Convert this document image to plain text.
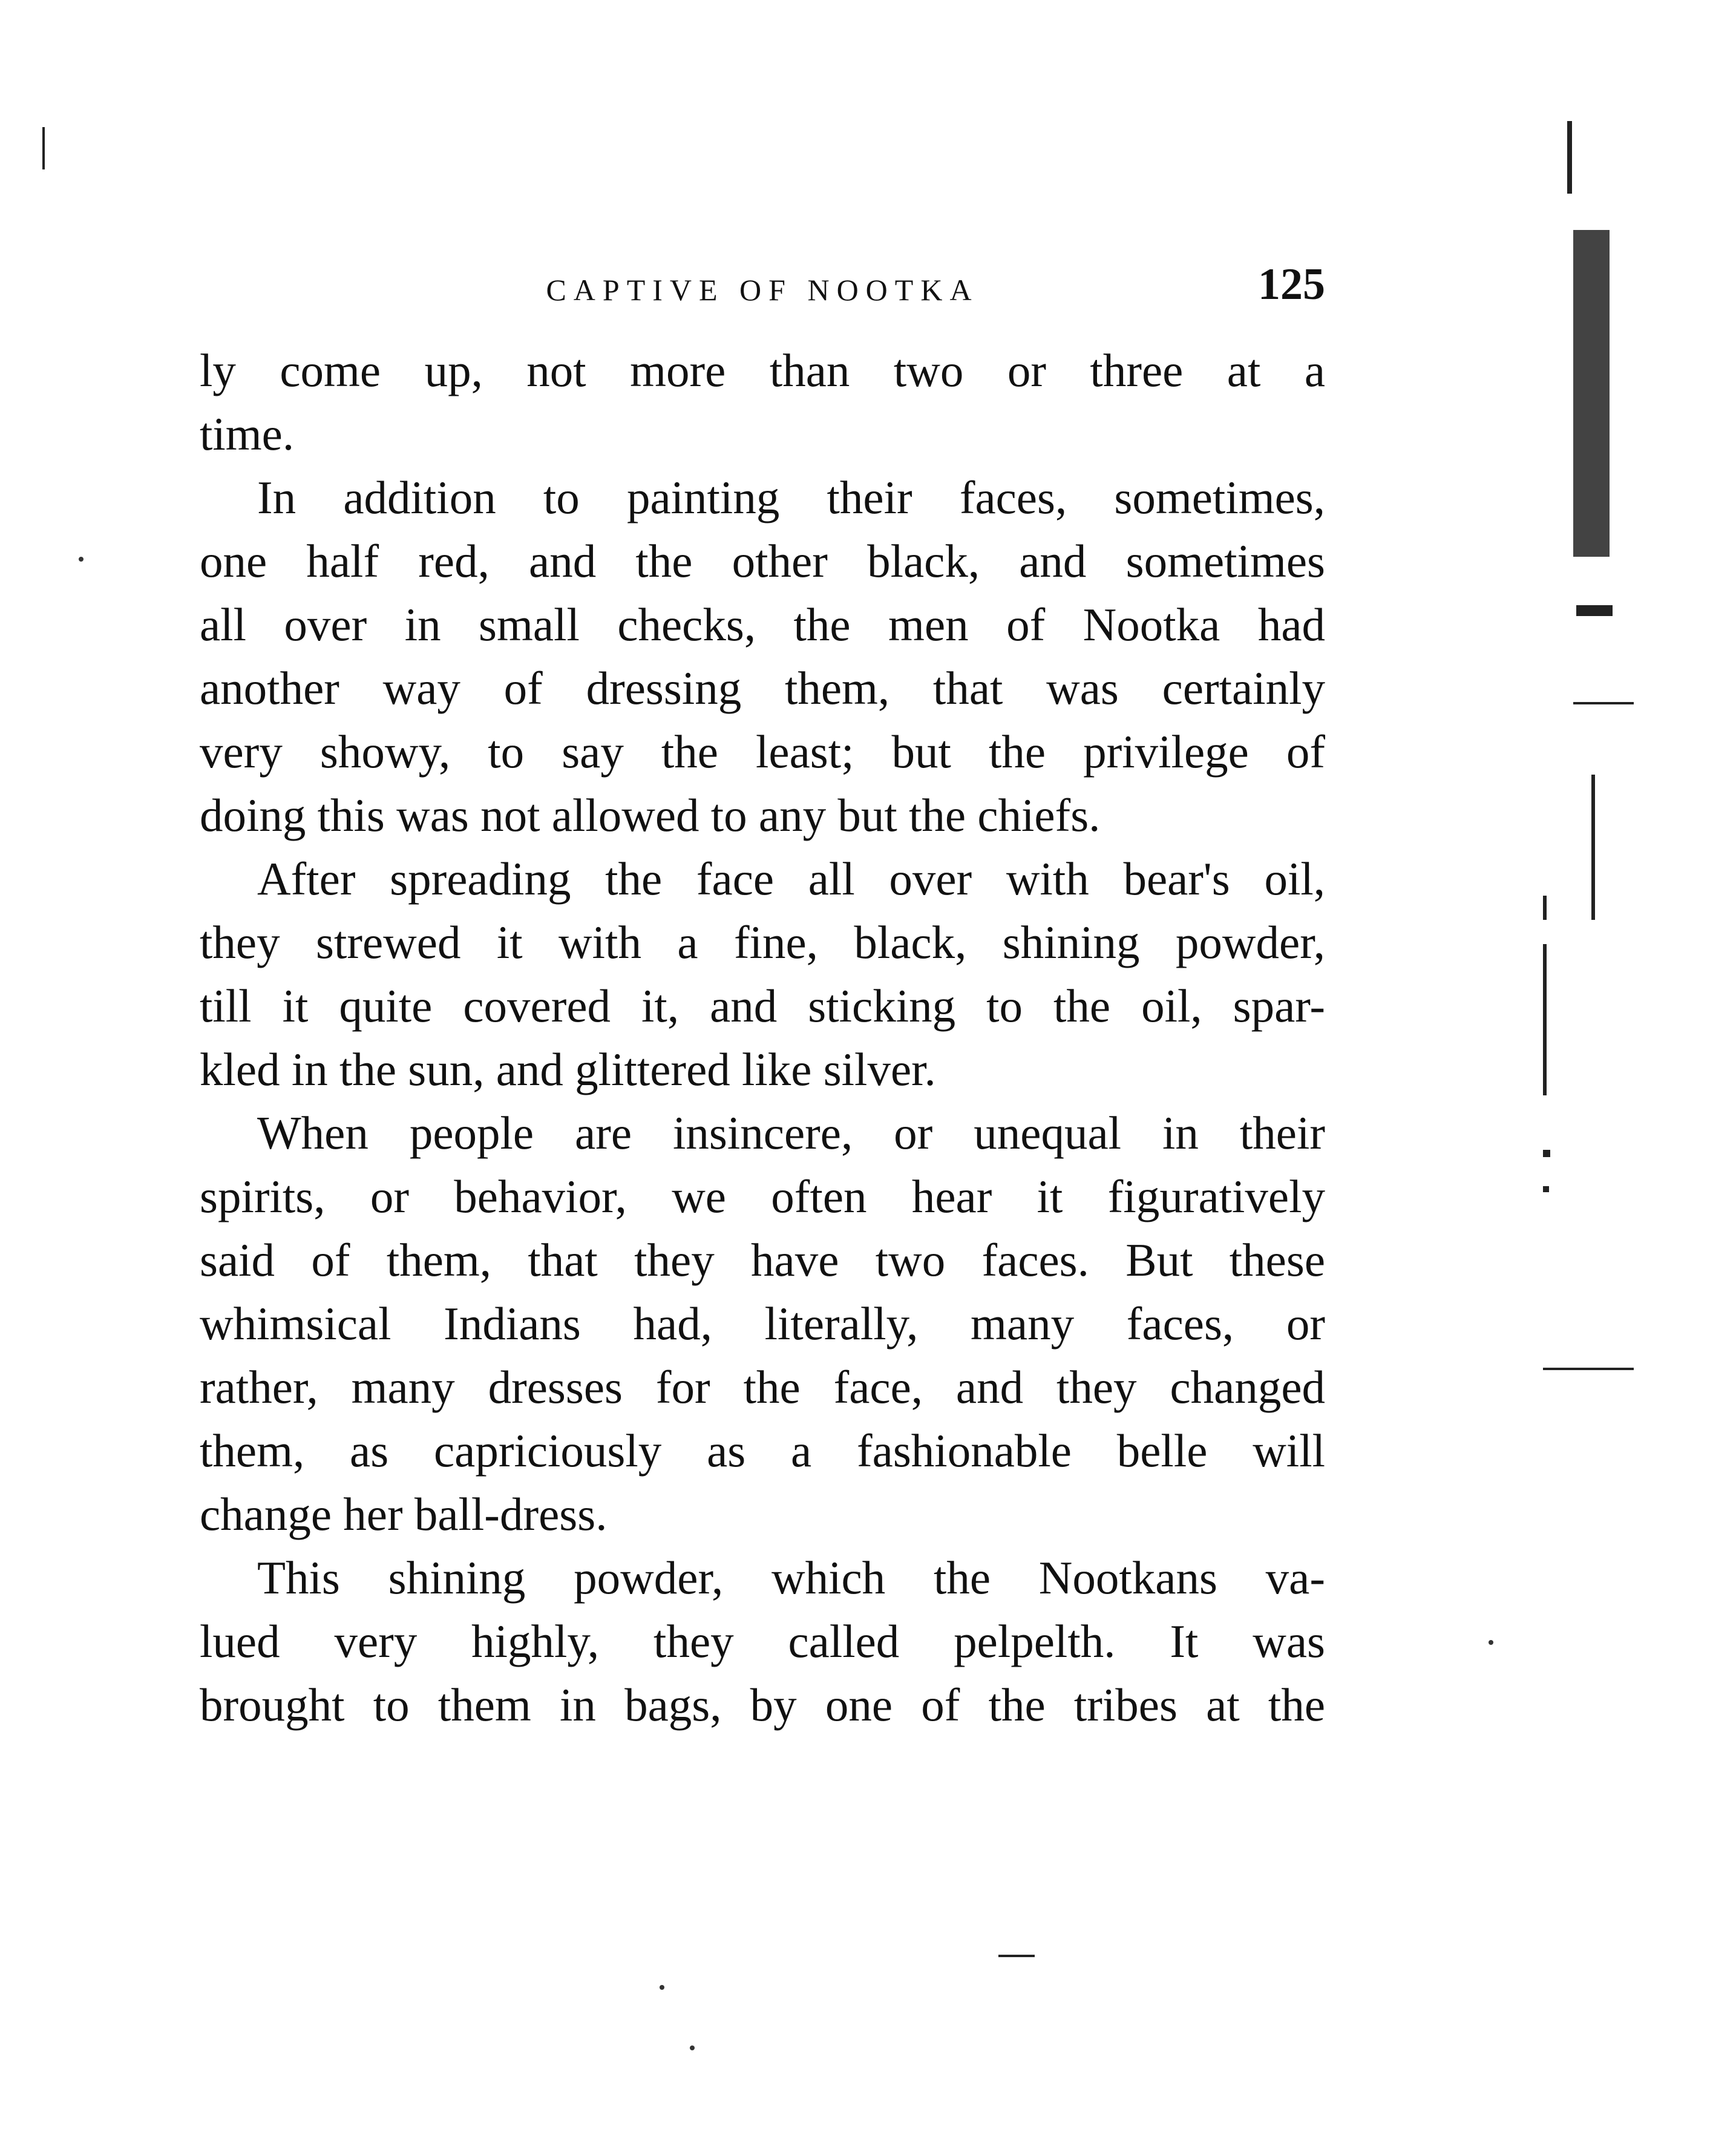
CAPTIVE OF NOOTKA	125

ly come up, not more than two or three at a
time.

In addition to painting their faces, sometimes,
one half red, and the other black, and sometimes
all over in small checks, the men of Nootka had
another way of dressing them, that was certainly
very showy, to say the least; but the privilege of
doing this was not allowed to any but the chiefs.

After spreading the face all over with bear's oil,
they strewed it with a fine, black, shining powder,
till it quite covered it, and sticking to the oil, spar-
kled in the sun, and glittered like silver.

When people are insincere, or unequal in their
spirits, or behavior, we often hear it figuratively
said of them, that they have two faces. But these
whimsical Indians had, literally, many faces, or
rather, many dresses for the face, and they changed
them, as capriciously as a fashionable belle will
change her ball-dress.

This shining powder, which the Nootkans va-
lued very highly, they called pelpelth. It was
brought to them in bags, by one of the tribes at the
